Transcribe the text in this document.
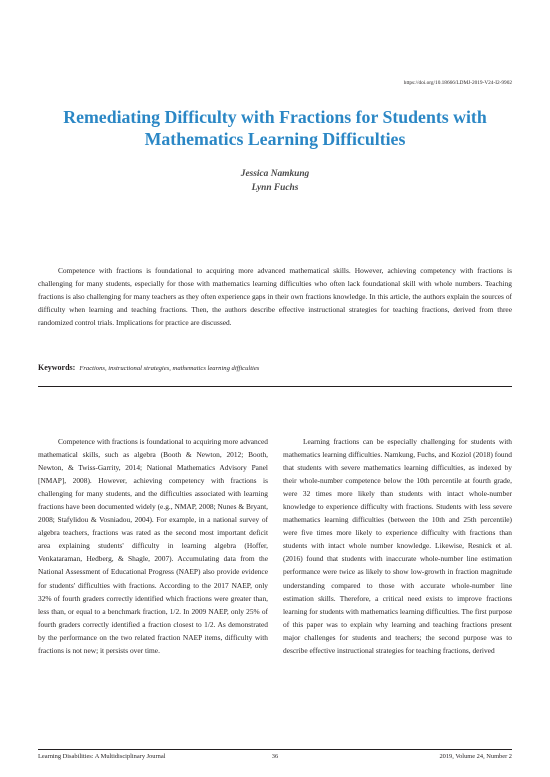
https://doi.org/10.18666/LDMJ-2019-V24-I2-9902
Remediating Difficulty with Fractions for Students with Mathematics Learning Difficulties
Jessica Namkung
Lynn Fuchs
Competence with fractions is foundational to acquiring more advanced mathematical skills. However, achieving competency with fractions is challenging for many students, especially for those with mathematics learning difficulties who often lack foundational skill with whole numbers. Teaching fractions is also challenging for many teachers as they often experience gaps in their own fractions knowledge. In this article, the authors explain the sources of difficulty when learning and teaching fractions. Then, the authors describe effective instructional strategies for teaching fractions, derived from three randomized control trials. Implications for practice are discussed.
Keywords: Fractions, instructional strategies, mathematics learning difficulties

Competence with fractions is foundational to acquiring more advanced mathematical skills, such as algebra (Booth & Newton, 2012; Booth, Newton, & Twiss-Garrity, 2014; National Mathematics Advisory Panel [NMAP], 2008). However, achieving competency with fractions is challenging for many students, and the difficulties associated with learning fractions have been documented widely (e.g., NMAP, 2008; Nunes & Bryant, 2008; Stafylidou & Vosniadou, 2004). For example, in a national survey of algebra teachers, fractions was rated as the second most important deficit area explaining students' difficulty in learning algebra (Hoffer, Venkataraman, Hedberg, & Shagle, 2007). Accumulating data from the National Assessment of Educational Progress (NAEP) also provide evidence for students' difficulties with fractions. According to the 2017 NAEP, only 32% of fourth graders correctly identified which fractions were greater than, less than, or equal to a benchmark fraction, 1/2. In 2009 NAEP, only 25% of fourth graders correctly identified a fraction closest to 1/2. As demonstrated by the performance on the two related fraction NAEP items, difficulty with fractions is not new; it persists over time.

Learning fractions can be especially challenging for students with mathematics learning difficulties. Namkung, Fuchs, and Koziol (2018) found that students with severe mathematics learning difficulties, as indexed by their whole-number competence below the 10th percentile at fourth grade, were 32 times more likely than students with intact whole-number knowledge to experience difficulty with fractions. Students with less severe mathematics learning difficulties (between the 10th and 25th percentile) were five times more likely to experience difficulty with fractions than students with intact whole number knowledge. Likewise, Resnick et al. (2016) found that students with inaccurate whole-number line estimation performance were twice as likely to show low-growth in fraction magnitude understanding compared to those with accurate whole-number line estimation skills. Therefore, a critical need exists to improve fractions learning for students with mathematics learning difficulties. The first purpose of this paper was to explain why learning and teaching fractions present major challenges for students and teachers; the second purpose was to describe effective instructional strategies for teaching fractions, derived

Learning Disabilities: A Multidisciplinary Journal	36	2019, Volume 24, Number 2
